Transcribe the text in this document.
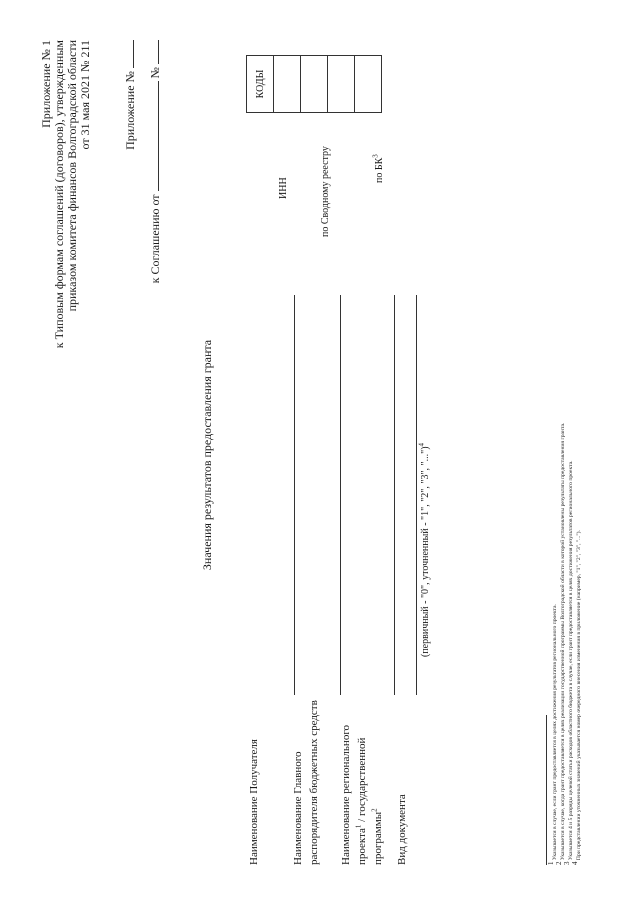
Приложение № 1 к Типовым формам соглашений (договоров), утвержденным приказом комитета финансов Волгоградской области от 31 мая 2021 № 211	Приложение №
к Соглашению от  №
Значения результатов предоставления гранта
Наименование Получателя	Наименование Главного распорядителя бюджетных средств Наименование регионального проекта$^1$ / государственной
программы$^2$	Вид документа
(первичный - "0", уточненный - "1", "2", "3", "...")$^4$
ИНН	по Сводному реестру	по $БК^3$
КОДЫ

$^1$ Указывается в случае, если грант предоставляется в целях достижения результатов регионального проекта.
$^2$ Указывается в случае, когда грант предоставляется в целях реализации государственной программы Волгоградской области в которой установлены результаты предоставления гранта.
$^3$ Указывается 4 и 5 разряды целевой статьи расходов областного бюджета в случае, если грант предоставляется в целях достижения результатов регионального проекта.
$^4$ При представлении уточненных значений указывается номер очередного внесения изменения в приложение (например, "1", "2", "3", "...").
